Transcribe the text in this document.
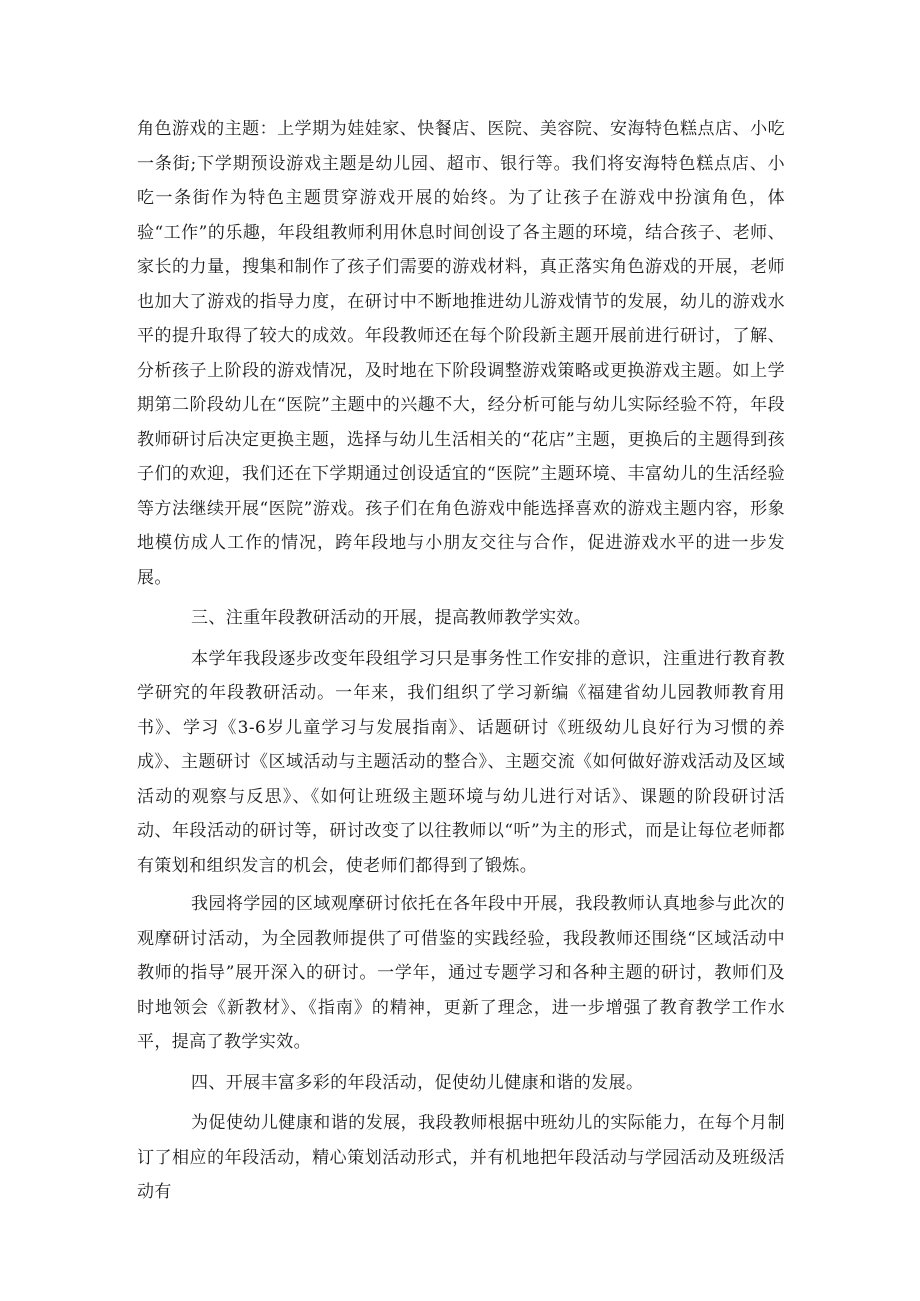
角色游戏的主题：上学期为娃娃家、快餐店、医院、美容院、安海特色糕点店、小吃一条街;下学期预设游戏主题是幼儿园、超市、银行等。我们将安海特色糕点店、小吃一条街作为特色主题贯穿游戏开展的始终。为了让孩子在游戏中扮演角色，体验“工作”的乐趣，年段组教师利用休息时间创设了各主题的环境，结合孩子、老师、家长的力量，搜集和制作了孩子们需要的游戏材料，真正落实角色游戏的开展，老师也加大了游戏的指导力度，在研讨中不断地推进幼儿游戏情节的发展，幼儿的游戏水平的提升取得了较大的成效。年段教师还在每个阶段新主题开展前进行研讨，了解、分析孩子上阶段的游戏情况，及时地在下阶段调整游戏策略或更换游戏主题。如上学期第二阶段幼儿在“医院”主题中的兴趣不大，经分析可能与幼儿实际经验不符，年段教师研讨后决定更换主题，选择与幼儿生活相关的“花店”主题，更换后的主题得到孩子们的欢迎，我们还在下学期通过创设适宜的“医院”主题环境、丰富幼儿的生活经验等方法继续开展“医院”游戏。孩子们在角色游戏中能选择喜欢的游戏主题内容，形象地模仿成人工作的情况，跨年段地与小朋友交往与合作，促进游戏水平的进一步发展。

三、注重年段教研活动的开展，提高教师教学实效。

本学年我段逐步改变年段组学习只是事务性工作安排的意识，注重进行教育教学研究的年段教研活动。一年来，我们组织了学习新编《福建省幼儿园教师教育用书》、学习《3-6岁儿童学习与发展指南》、话题研讨《班级幼儿良好行为习惯的养成》、主题研讨《区域活动与主题活动的整合》、主题交流《如何做好游戏活动及区域活动的观察与反思》、《如何让班级主题环境与幼儿进行对话》、课题的阶段研讨活动、年段活动的研讨等，研讨改变了以往教师以“听”为主的形式，而是让每位老师都有策划和组织发言的机会，使老师们都得到了锻炼。

我园将学园的区域观摩研讨依托在各年段中开展，我段教师认真地参与此次的观摩研讨活动，为全园教师提供了可借鉴的实践经验，我段教师还围绕“区域活动中教师的指导”展开深入的研讨。一学年，通过专题学习和各种主题的研讨，教师们及时地领会《新教材》、《指南》的精神，更新了理念，进一步增强了教育教学工作水平，提高了教学实效。

四、开展丰富多彩的年段活动，促使幼儿健康和谐的发展。

为促使幼儿健康和谐的发展，我段教师根据中班幼儿的实际能力，在每个月制订了相应的年段活动，精心策划活动形式，并有机地把年段活动与学园活动及班级活动有
